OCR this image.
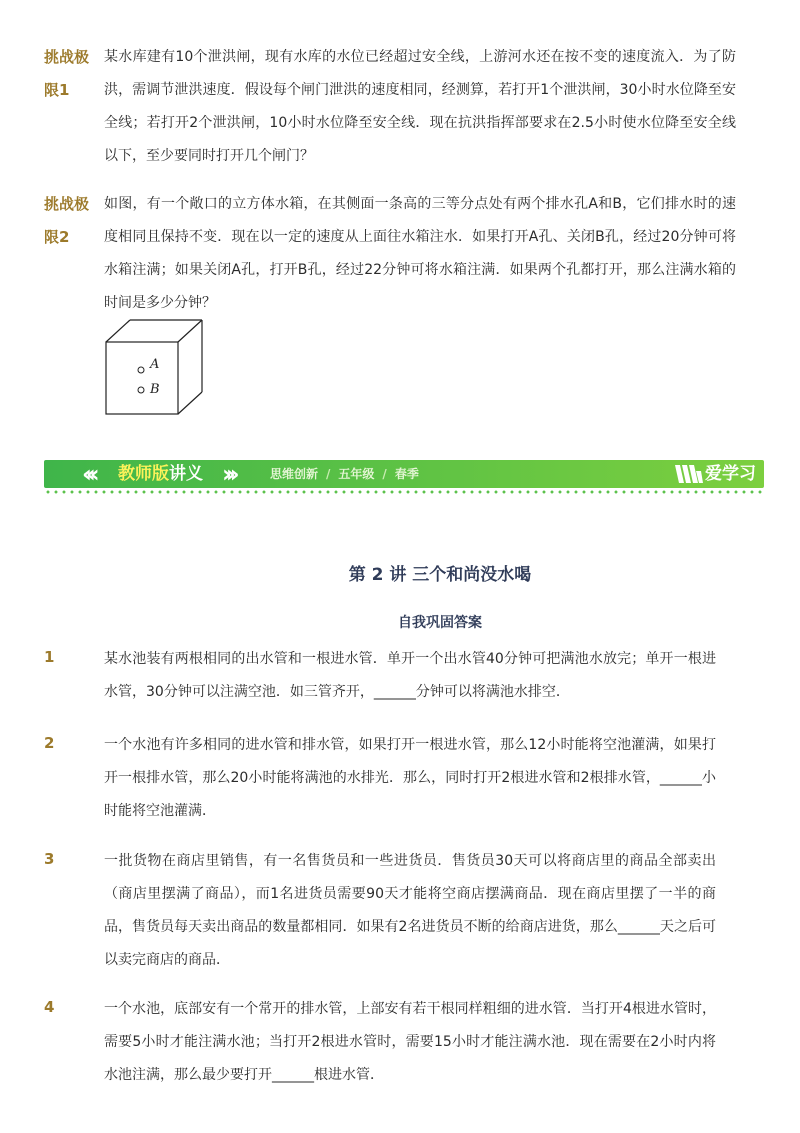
挑战极限1
某水库建有10个泄洪闸，现有水库的水位已经超过安全线，上游河水还在按不变的速度流入．为了防洪，需调节泄洪速度．假设每个闸门泄洪的速度相同，经测算，若打开1个泄洪闸，30小时水位降至安全线；若打开2个泄洪闸，10小时水位降至安全线．现在抗洪指挥部要求在2.5小时使水位降至安全线以下，至少要同时打开几个闸门？
挑战极限2
如图，有一个敞口的立方体水箱，在其侧面一条高的三等分点处有两个排水孔A和B，它们排水时的速度相同且保持不变．现在以一定的速度从上面往水箱注水．如果打开A孔、关闭B孔，经过20分钟可将水箱注满；如果关闭A孔，打开B孔，经过22分钟可将水箱注满．如果两个孔都打开，那么注满水箱的时间是多少分钟？
A
B
‹‹‹ 教师版讲义 ›››	思维创新 / 五年级 / 春季	爱学习
第 2 讲 三个和尚没水喝
自我巩固答案
1	某水池装有两根相同的出水管和一根进水管．单开一个出水管40分钟可把满池水放完；单开一根进水管，30分钟可以注满空池．如三管齐开，______分钟可以将满池水排空．
2	一个水池有许多相同的进水管和排水管，如果打开一根进水管，那么12小时能将空池灌满，如果打开一根排水管，那么20小时能将满池的水排光．那么，同时打开2根进水管和2根排水管，______小时能将空池灌满．
3	一批货物在商店里销售，有一名售货员和一些进货员．售货员30天可以将商店里的商品全部卖出（商店里摆满了商品），而1名进货员需要90天才能将空商店摆满商品．现在商店里摆了一半的商品，售货员每天卖出商品的数量都相同．如果有2名进货员不断的给商店进货，那么______天之后可以卖完商店的商品．
4	一个水池，底部安有一个常开的排水管，上部安有若干根同样粗细的进水管．当打开4根进水管时，需要5小时才能注满水池；当打开2根进水管时，需要15小时才能注满水池．现在需要在2小时内将水池注满，那么最少要打开______根进水管．
